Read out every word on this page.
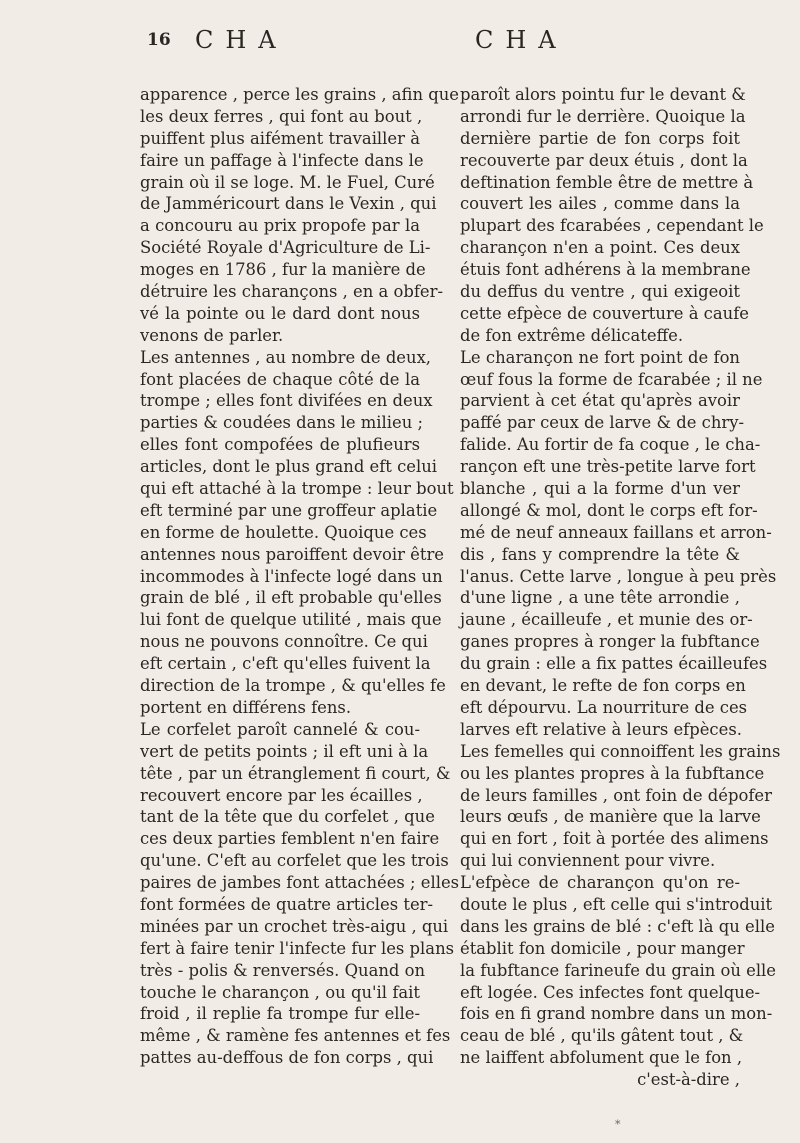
16 CHA	CHA
apparence , perce les grains , afin que
les deux ferres , qui font au bout ,
puiffent plus aifément travailler à
faire un paffage à l'infecte dans le
grain où il se loge. M. le Fuel, Curé
de Jamméricourt dans le Vexin , qui
a concouru au prix propofe par la
Société Royale d'Agriculture de Li-
moges en 1786 , fur la manière de
détruire les charançons , en a obfer-
vé la pointe ou le dard dont nous
venons de parler.
Les antennes , au nombre de deux,
font placées de chaque côté de la
trompe ; elles font divifées en deux
parties & coudées dans le milieu ;
elles font compofées de plufieurs
articles, dont le plus grand eft celui
qui eft attaché à la trompe : leur bout
eft terminé par une groffeur aplatie
en forme de houlette. Quoique ces
antennes nous paroiffent devoir être
incommodes à l'infecte logé dans un
grain de blé , il eft probable qu'elles
lui font de quelque utilité , mais que
nous ne pouvons connoître. Ce qui
eft certain , c'eft qu'elles fuivent la
direction de la trompe , & qu'elles fe
portent en différens fens.
Le corfelet paroît cannelé & cou-
vert de petits points ; il eft uni à la
tête , par un étranglement fi court, &
recouvert encore par les écailles ,
tant de la tête que du corfelet , que
ces deux parties femblent n'en faire
qu'une. C'eft au corfelet que les trois
paires de jambes font attachées ; elles
font formées de quatre articles ter-
minées par un crochet très-aigu , qui
fert à faire tenir l'infecte fur les plans
très - polis & renversés. Quand on
touche le charançon , ou qu'il fait
froid , il replie fa trompe fur elle-
même , & ramène fes antennes et fes
pattes au-deffous de fon corps , qui
paroît alors pointu fur le devant &
arrondi fur le derrière. Quoique la
dernière partie de fon corps foit
recouverte par deux étuis , dont la
deftination femble être de mettre à
couvert les ailes , comme dans la
plupart des fcarabées , cependant le
charançon n'en a point. Ces deux
étuis font adhérens à la membrane
du deffus du ventre , qui exigeoit
cette efpèce de couverture à caufe
de fon extrême délicateffe.
Le charançon ne fort point de fon
œuf fous la forme de fcarabée ; il ne
parvient à cet état qu'après avoir
paffé par ceux de larve & de chry-
falide. Au fortir de fa coque , le cha-
rançon eft une très-petite larve fort
blanche , qui a la forme d'un ver
allongé & mol, dont le corps eft for-
mé de neuf anneaux faillans et arron-
dis , fans y comprendre la tête &
l'anus. Cette larve , longue à peu près
d'une ligne , a une tête arrondie ,
jaune , écailleufe , et munie des or-
ganes propres à ronger la fubftance
du grain : elle a fix pattes écailleufes
en devant, le refte de fon corps en
eft dépourvu. La nourriture de ces
larves eft relative à leurs efpèces.
Les femelles qui connoiffent les grains
ou les plantes propres à la fubftance
de leurs familles , ont foin de dépofer
leurs œufs , de manière que la larve
qui en fort , foit à portée des alimens
qui lui conviennent pour vivre.
L'efpèce de charançon qu'on re-
doute le plus , eft celle qui s'introduit
dans les grains de blé : c'eft là qu elle
établit fon domicile , pour manger
la fubftance farineufe du grain où elle
eft logée. Ces infectes font quelque-
fois en fi grand nombre dans un mon-
ceau de blé , qu'ils gâtent tout , &
ne laiffent abfolument que le fon ,
c'est-à-dire ,
*
